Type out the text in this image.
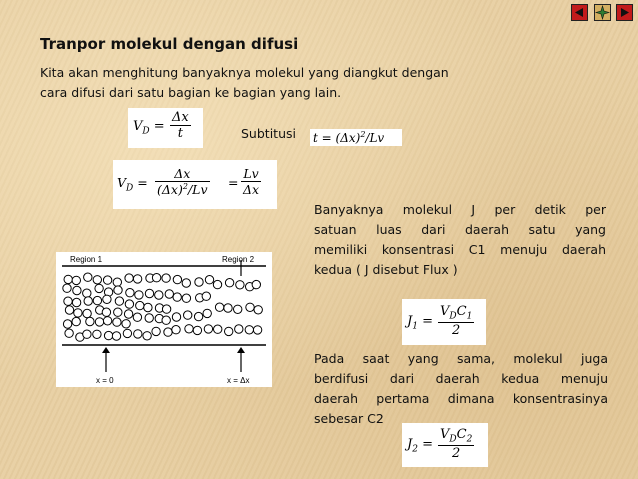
Tranpor molekul dengan difusi
Kita akan menghitung banyaknya molekul yang diangkut dengan
cara difusi dari satu bagian ke bagian yang lain.
$V_D = \frac{\Delta x}{t}$	Subtitusi $t = (\Delta x)^2/Lv$
$V_D = \frac{\Delta x}{(\Delta x)^2/Lv} = \frac{Lv}{\Delta x}$
Region 1	Region 2
x = 0	x = Δx
Banyaknya molekul J per detik per
satuan luas dari daerah satu yang
memiliki konsentrasi C1 menuju daerah
kedua ( J disebut Flux )
$J_1$ =
$V_DC_1$
2
Pada saat yang sama, molekul juga
berdifusi dari daerah kedua menuju
daerah pertama dimana konsentrasinya
sebesar C2
$J_2$ =
$V_DC_2$
2
